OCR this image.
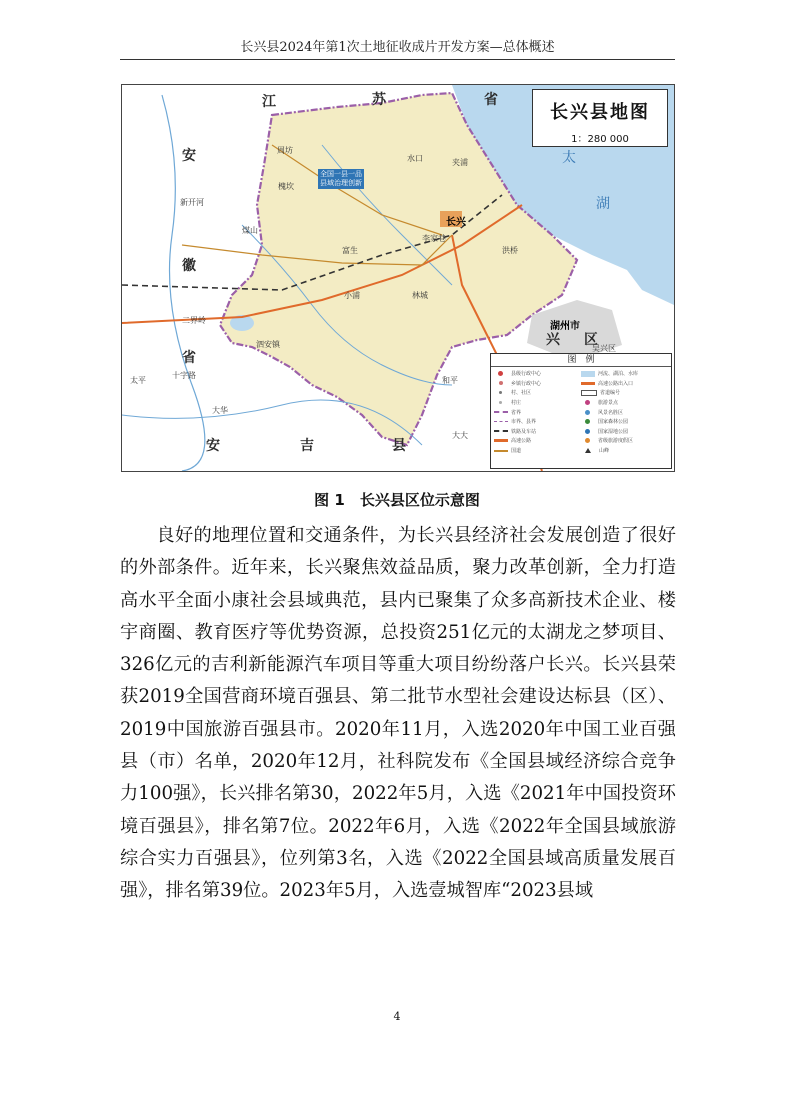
长兴县2024年第1次土地征收成片开发方案—总体概述
江	苏	省
安
徽
省
安	吉	县
太
湖
区
兴
长兴
湖州市
吴兴区
全国一县一品
县域治理创新
槐坎
新开河
周坊
水口	夹浦
李家巷
泗安镇
洪桥
林城
小浦
和平
煤山
二界岭
大大
大华
十字路
富生
太平
长兴县地图
1：280 000
图　例
县级行政中心
乡镇行政中心
村、社区
村庄
省界
市界、县界
铁路及车站
高速公路
国道
河流、湖泊、水库
高速公路出入口
省道编号
旅游景点
风景名胜区
国家森林公园
国家湿地公园
省级旅游度假区
山峰
图 1　长兴县区位示意图

良好的地理位置和交通条件，为长兴县经济社会发展创造了很好的外部条件。近年来，长兴聚焦效益品质，聚力改革创新，全力打造高水平全面小康社会县域典范，县内已聚集了众多高新技术企业、楼宇商圈、教育医疗等优势资源，总投资251亿元的太湖龙之梦项目、326亿元的吉利新能源汽车项目等重大项目纷纷落户长兴。长兴县荣获2019全国营商环境百强县、第二批节水型社会建设达标县（区）、2019中国旅游百强县市。2020年11月，入选2020年中国工业百强县（市）名单，2020年12月，社科院发布《全国县域经济综合竞争力100强》，长兴排名第30，2022年5月，入选《2021年中国投资环境百强县》，排名第7位。2022年6月，入选《2022年全国县域旅游综合实力百强县》，位列第3名，入选《2022全国县域高质量发展百强》，排名第39位。2023年5月，入选壹城智库“2023县域

4
